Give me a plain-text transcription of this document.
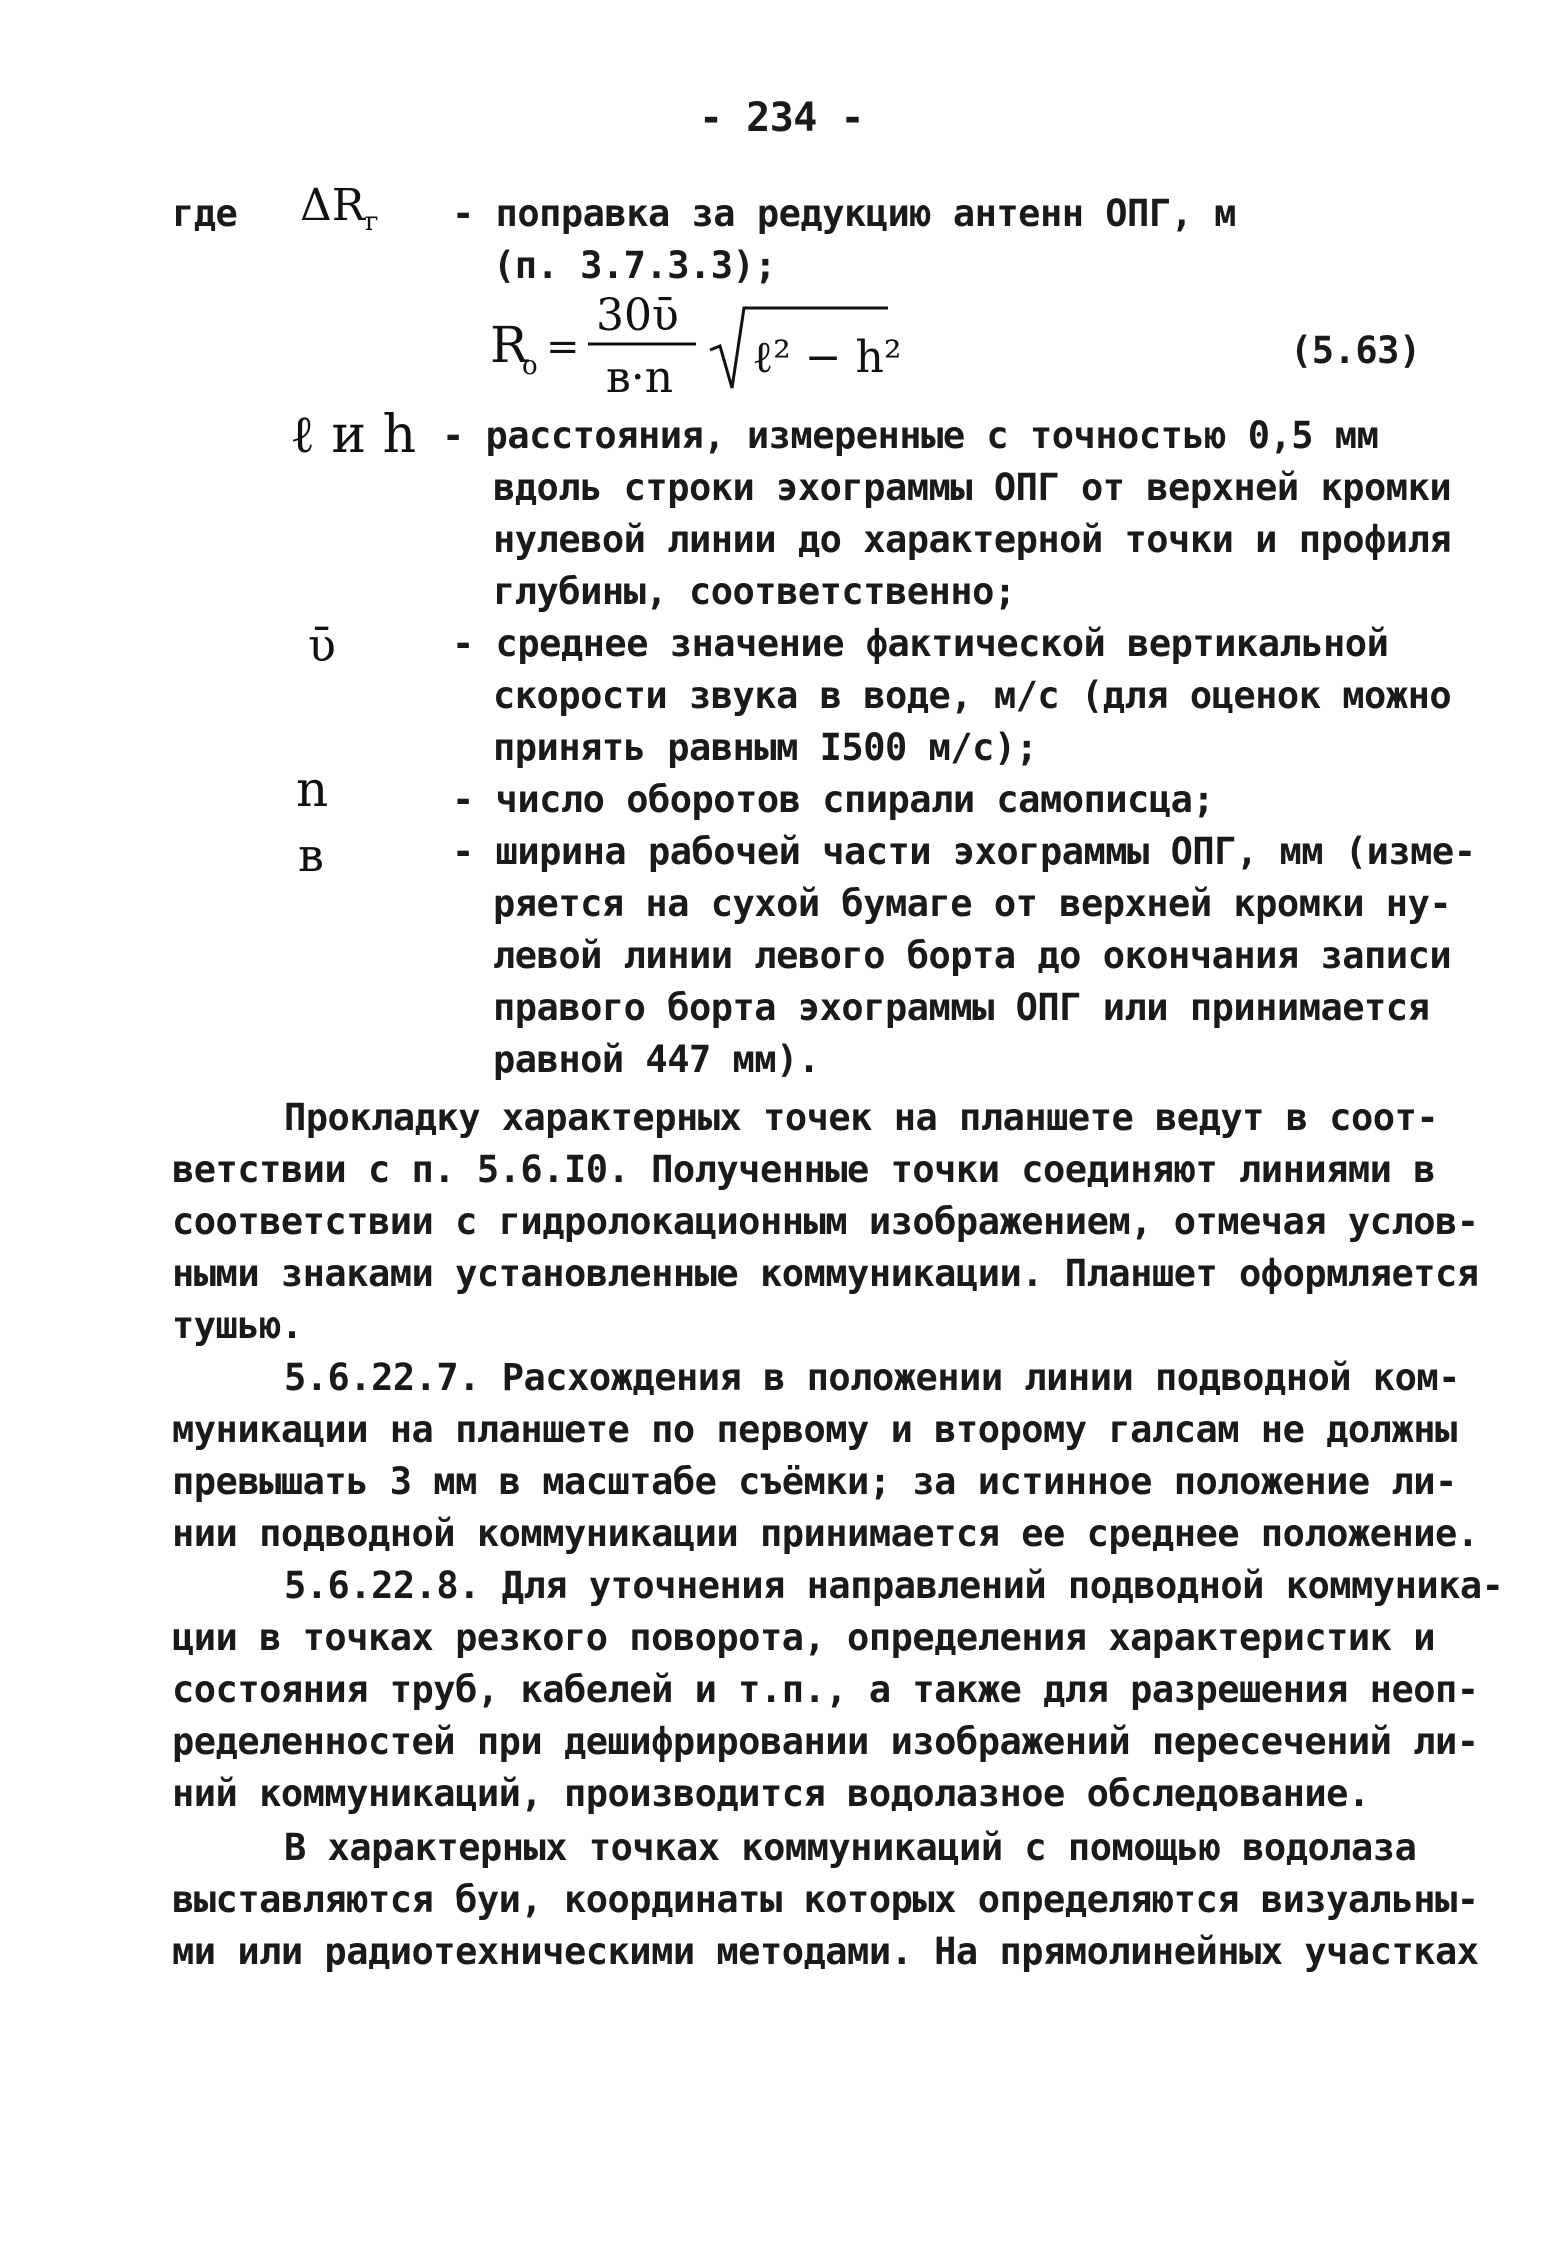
- 234 -
где $\Delta R_г$ - поправка за редукцию антенн ОПГ, м
(п. 3.7.3.3);
R
o =
30ῡ
в·n ℓ² − h²	(5.63)
ℓ и h - расстояния, измеренные с точностью 0,5 мм
вдоль строки эхограммы ОПГ от верхней кромки
нулевой линии до характерной точки и профиля
глубины, соответственно;
ῡ	- среднее значение фактической вертикальной
скорости звука в воде, м/с (для оценок можно
принять равным I500 м/с);
n	- число оборотов спирали самописца;
в	- ширина рабочей части эхограммы ОПГ, мм (изме-
ряется на сухой бумаге от верхней кромки ну-
левой линии левого борта до окончания записи
правого борта эхограммы ОПГ или принимается
равной 447 мм).
Прокладку характерных точек на планшете ведут в соот-
ветствии с п. 5.6.I0. Полученные точки соединяют линиями в
соответствии с гидролокационным изображением, отмечая услов-
ными знаками установленные коммуникации. Планшет оформляется
тушью.
5.6.22.7. Расхождения в положении линии подводной ком-
муникации на планшете по первому и второму галсам не должны
превышать 3 мм в масштабе съёмки; за истинное положение ли-
нии подводной коммуникации принимается ее среднее положение.
5.6.22.8. Для уточнения направлений подводной коммуника-
ции в точках резкого поворота, определения характеристик и
состояния труб, кабелей и т.п., а также для разрешения неоп-
ределенностей при дешифрировании изображений пересечений ли-
ний коммуникаций, производится водолазное обследование.
В характерных точках коммуникаций с помощью водолаза
выставляются буи, координаты которых определяются визуальны-
ми или радиотехническими методами. На прямолинейных участках
